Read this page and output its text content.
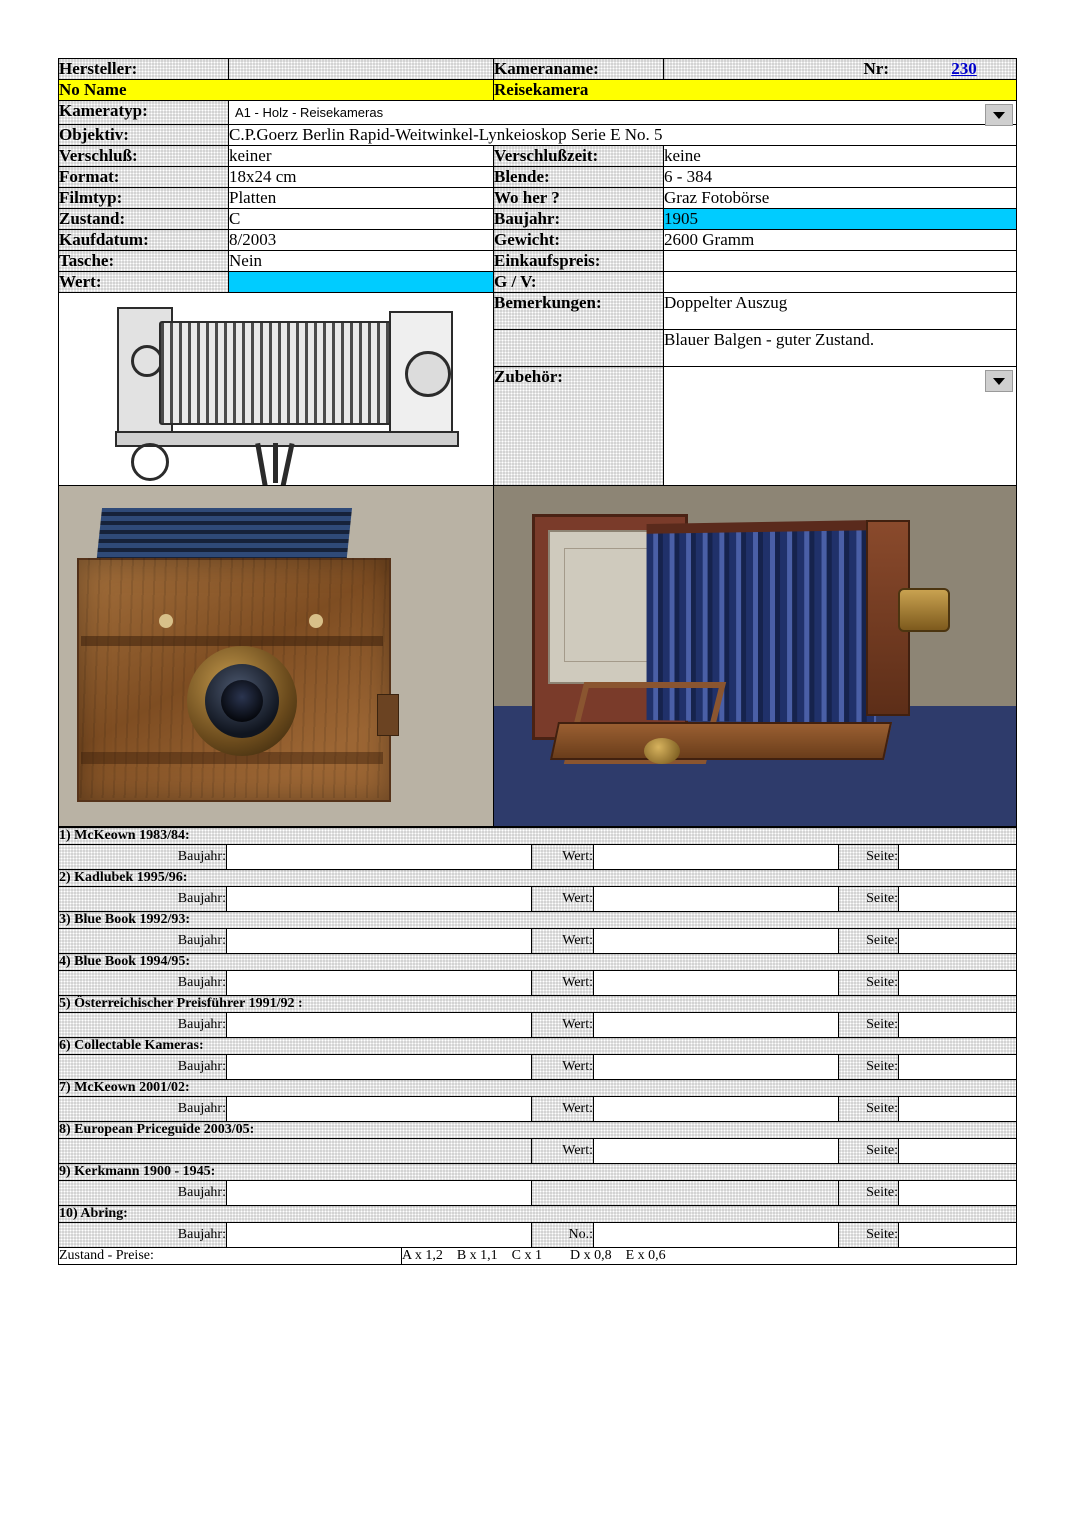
Hersteller:		Kameraname:	Nr: 230
No Name		Reisekamera	
Kameratyp:	A1 - Holz - Reisekameras		

Objektiv:	C.P.Goerz Berlin Rapid-Weitwinkel-Lynkeioskop Serie E No. 5		
Verschluß:	keiner	Verschlußzeit:	keine
Format:	18x24 cm	Blende:	6 - 384
Filmtyp:	Platten	Wo her ?	Graz Fotobörse
Zustand:	C	Baujahr:	1905
Kaufdatum:	8/2003	Gewicht:	2600 Gramm
Tasche:	Nein	Einkaufspreis:	
Wert:		G / V:	

		Bemerkungen:	Doppelter Auszug
			Blauer Balgen - guter Zustand.
		Zubehör:	

1) McKeown 1983/84:						
Baujahr:			Wert:		Seite:	
2) Kadlubek 1995/96:						
Baujahr:			Wert:		Seite:	
3) Blue Book 1992/93:						
Baujahr:			Wert:		Seite:	
4) Blue Book 1994/95:						
Baujahr:			Wert:		Seite:	
5) Österreichischer Preisführer 1991/92 :						
Baujahr:			Wert:		Seite:	
6) Collectable Kameras:						
Baujahr:			Wert:		Seite:	
7) McKeown 2001/02:						
Baujahr:			Wert:		Seite:	
8) European Priceguide 2003/05:						
			Wert:		Seite:	
9) Kerkmann 1900 - 1945:						
Baujahr:					Seite:	
10) Abring:						
Baujahr:			No.:		Seite:	
Zustand - Preise:		A x 1,2    B x 1,1    C x 1        D x 0,8    E x 0,6				
